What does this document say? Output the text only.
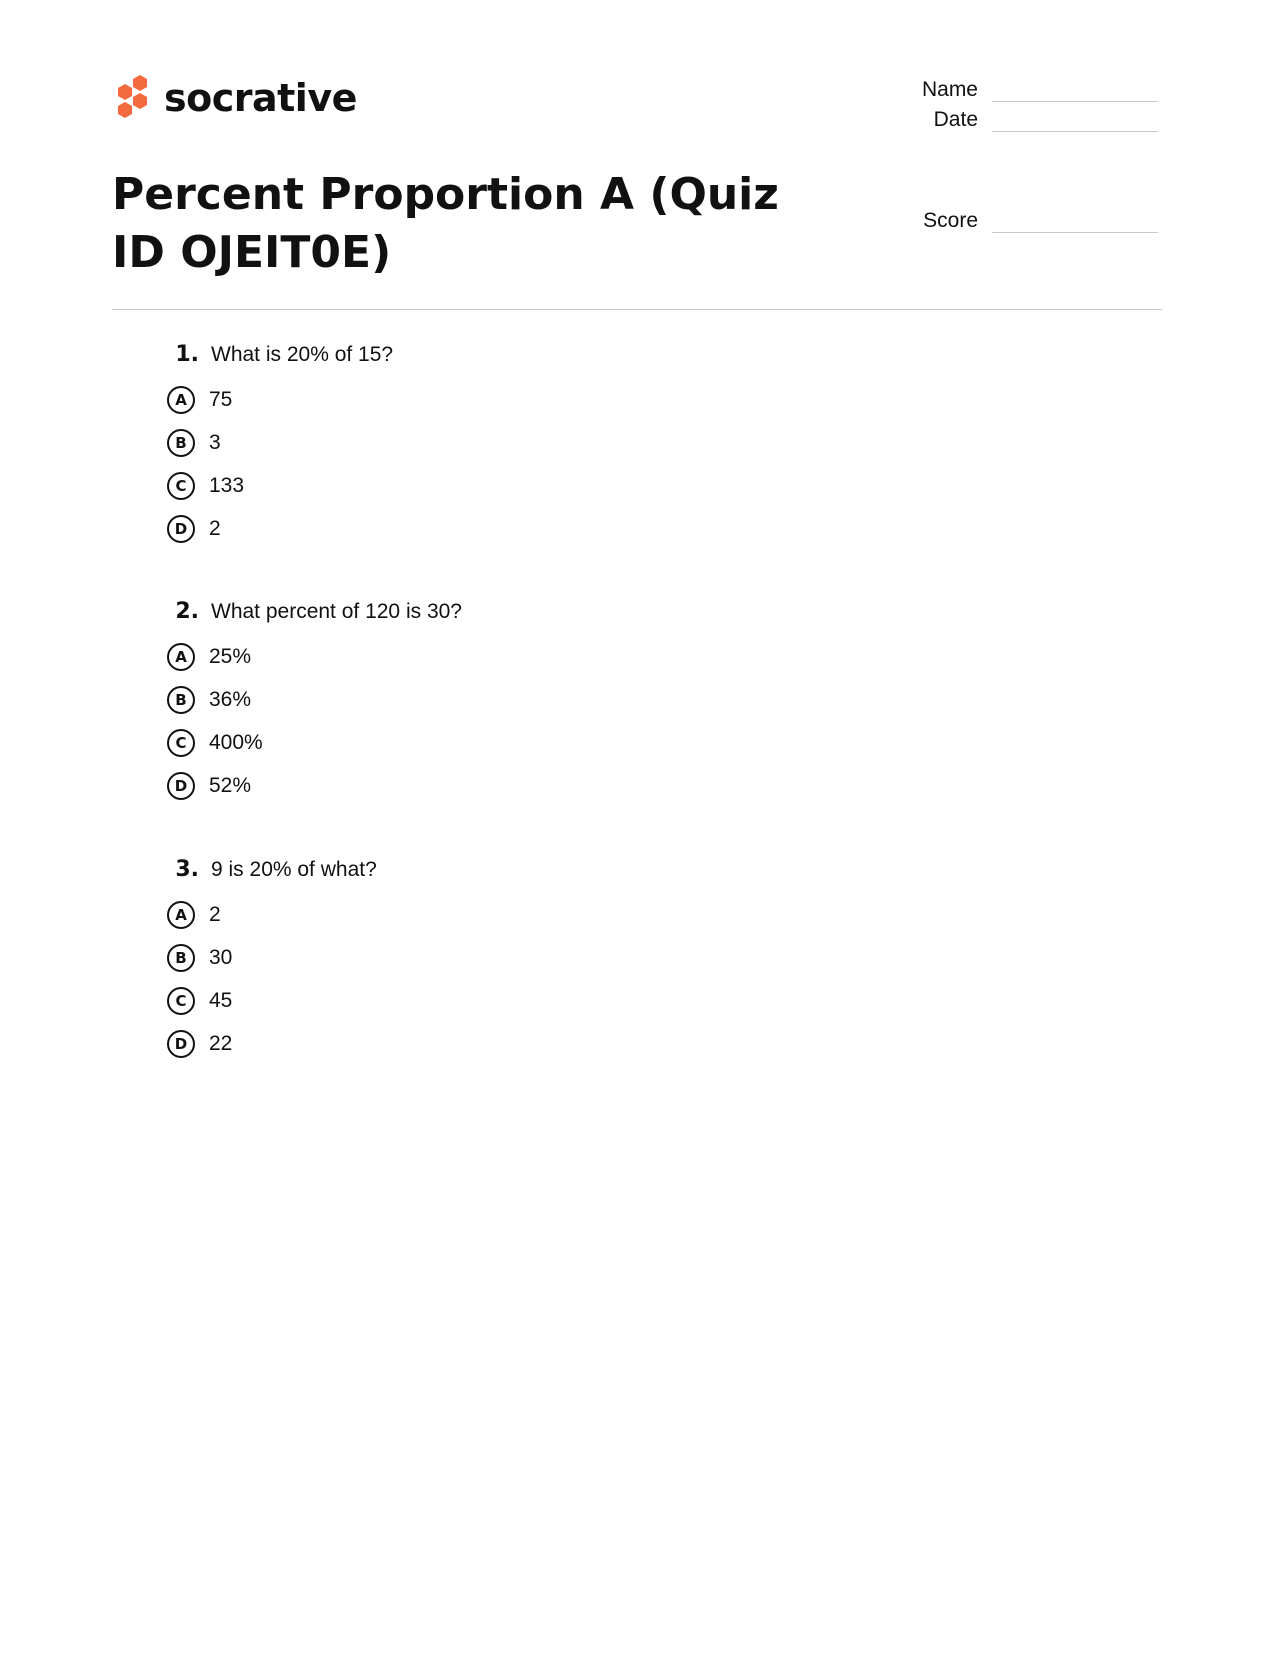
socrative
Percent Proportion A (Quiz ID OJEIT0E)
Name
Date
Score
1. What is 20% of 15?
A	75
B	3
C	133
D	2
2. What percent of 120 is 30?
A	25%
B	36%
C	400%
D	52%
3. 9 is 20% of what?
A	2
B	30
C	45
D	22
